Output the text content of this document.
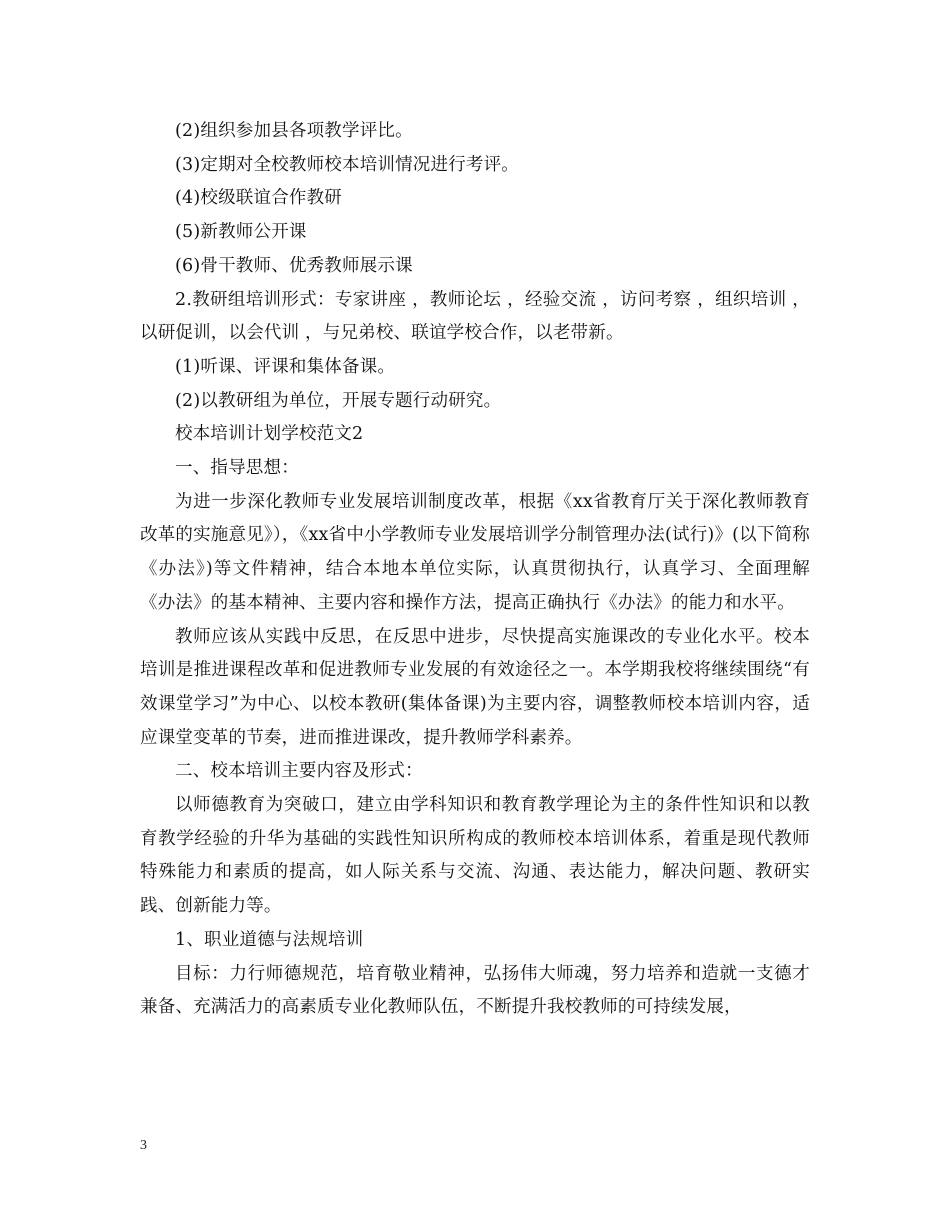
(2)组织参加县各项教学评比。

(3)定期对全校教师校本培训情况进行考评。

(4)校级联谊合作教研

(5)新教师公开课

(6)骨干教师、优秀教师展示课

2.教研组培训形式：专家讲座 ，教师论坛 ，经验交流 ，访问考察 ，组织培训 ，以研促训，以会代训 ，与兄弟校、联谊学校合作，以老带新。

(1)听课、评课和集体备课。

(2)以教研组为单位，开展专题行动研究。

校本培训计划学校范文2

一、指导思想：

为进一步深化教师专业发展培训制度改革，根据《xx省教育厅关于深化教师教育改革的实施意见》），《xx省中小学教师专业发展培训学分制管理办法(试行)》(以下简称《办法》)等文件精神，结合本地本单位实际，认真贯彻执行，认真学习、全面理解《办法》的基本精神、主要内容和操作方法，提高正确执行《办法》的能力和水平。

教师应该从实践中反思，在反思中进步，尽快提高实施课改的专业化水平。校本培训是推进课程改革和促进教师专业发展的有效途径之一。本学期我校将继续围绕“有效课堂学习”为中心、以校本教研(集体备课)为主要内容，调整教师校本培训内容，适应课堂变革的节奏，进而推进课改，提升教师学科素养。

二、校本培训主要内容及形式：

以师德教育为突破口，建立由学科知识和教育教学理论为主的条件性知识和以教育教学经验的升华为基础的实践性知识所构成的教师校本培训体系，着重是现代教师特殊能力和素质的提高，如人际关系与交流、沟通、表达能力，解决问题、教研实践、创新能力等。

1、职业道德与法规培训

目标：力行师德规范，培育敬业精神，弘扬伟大师魂，努力培养和造就一支德才兼备、充满活力的高素质专业化教师队伍，不断提升我校教师的可持续发展，

3
